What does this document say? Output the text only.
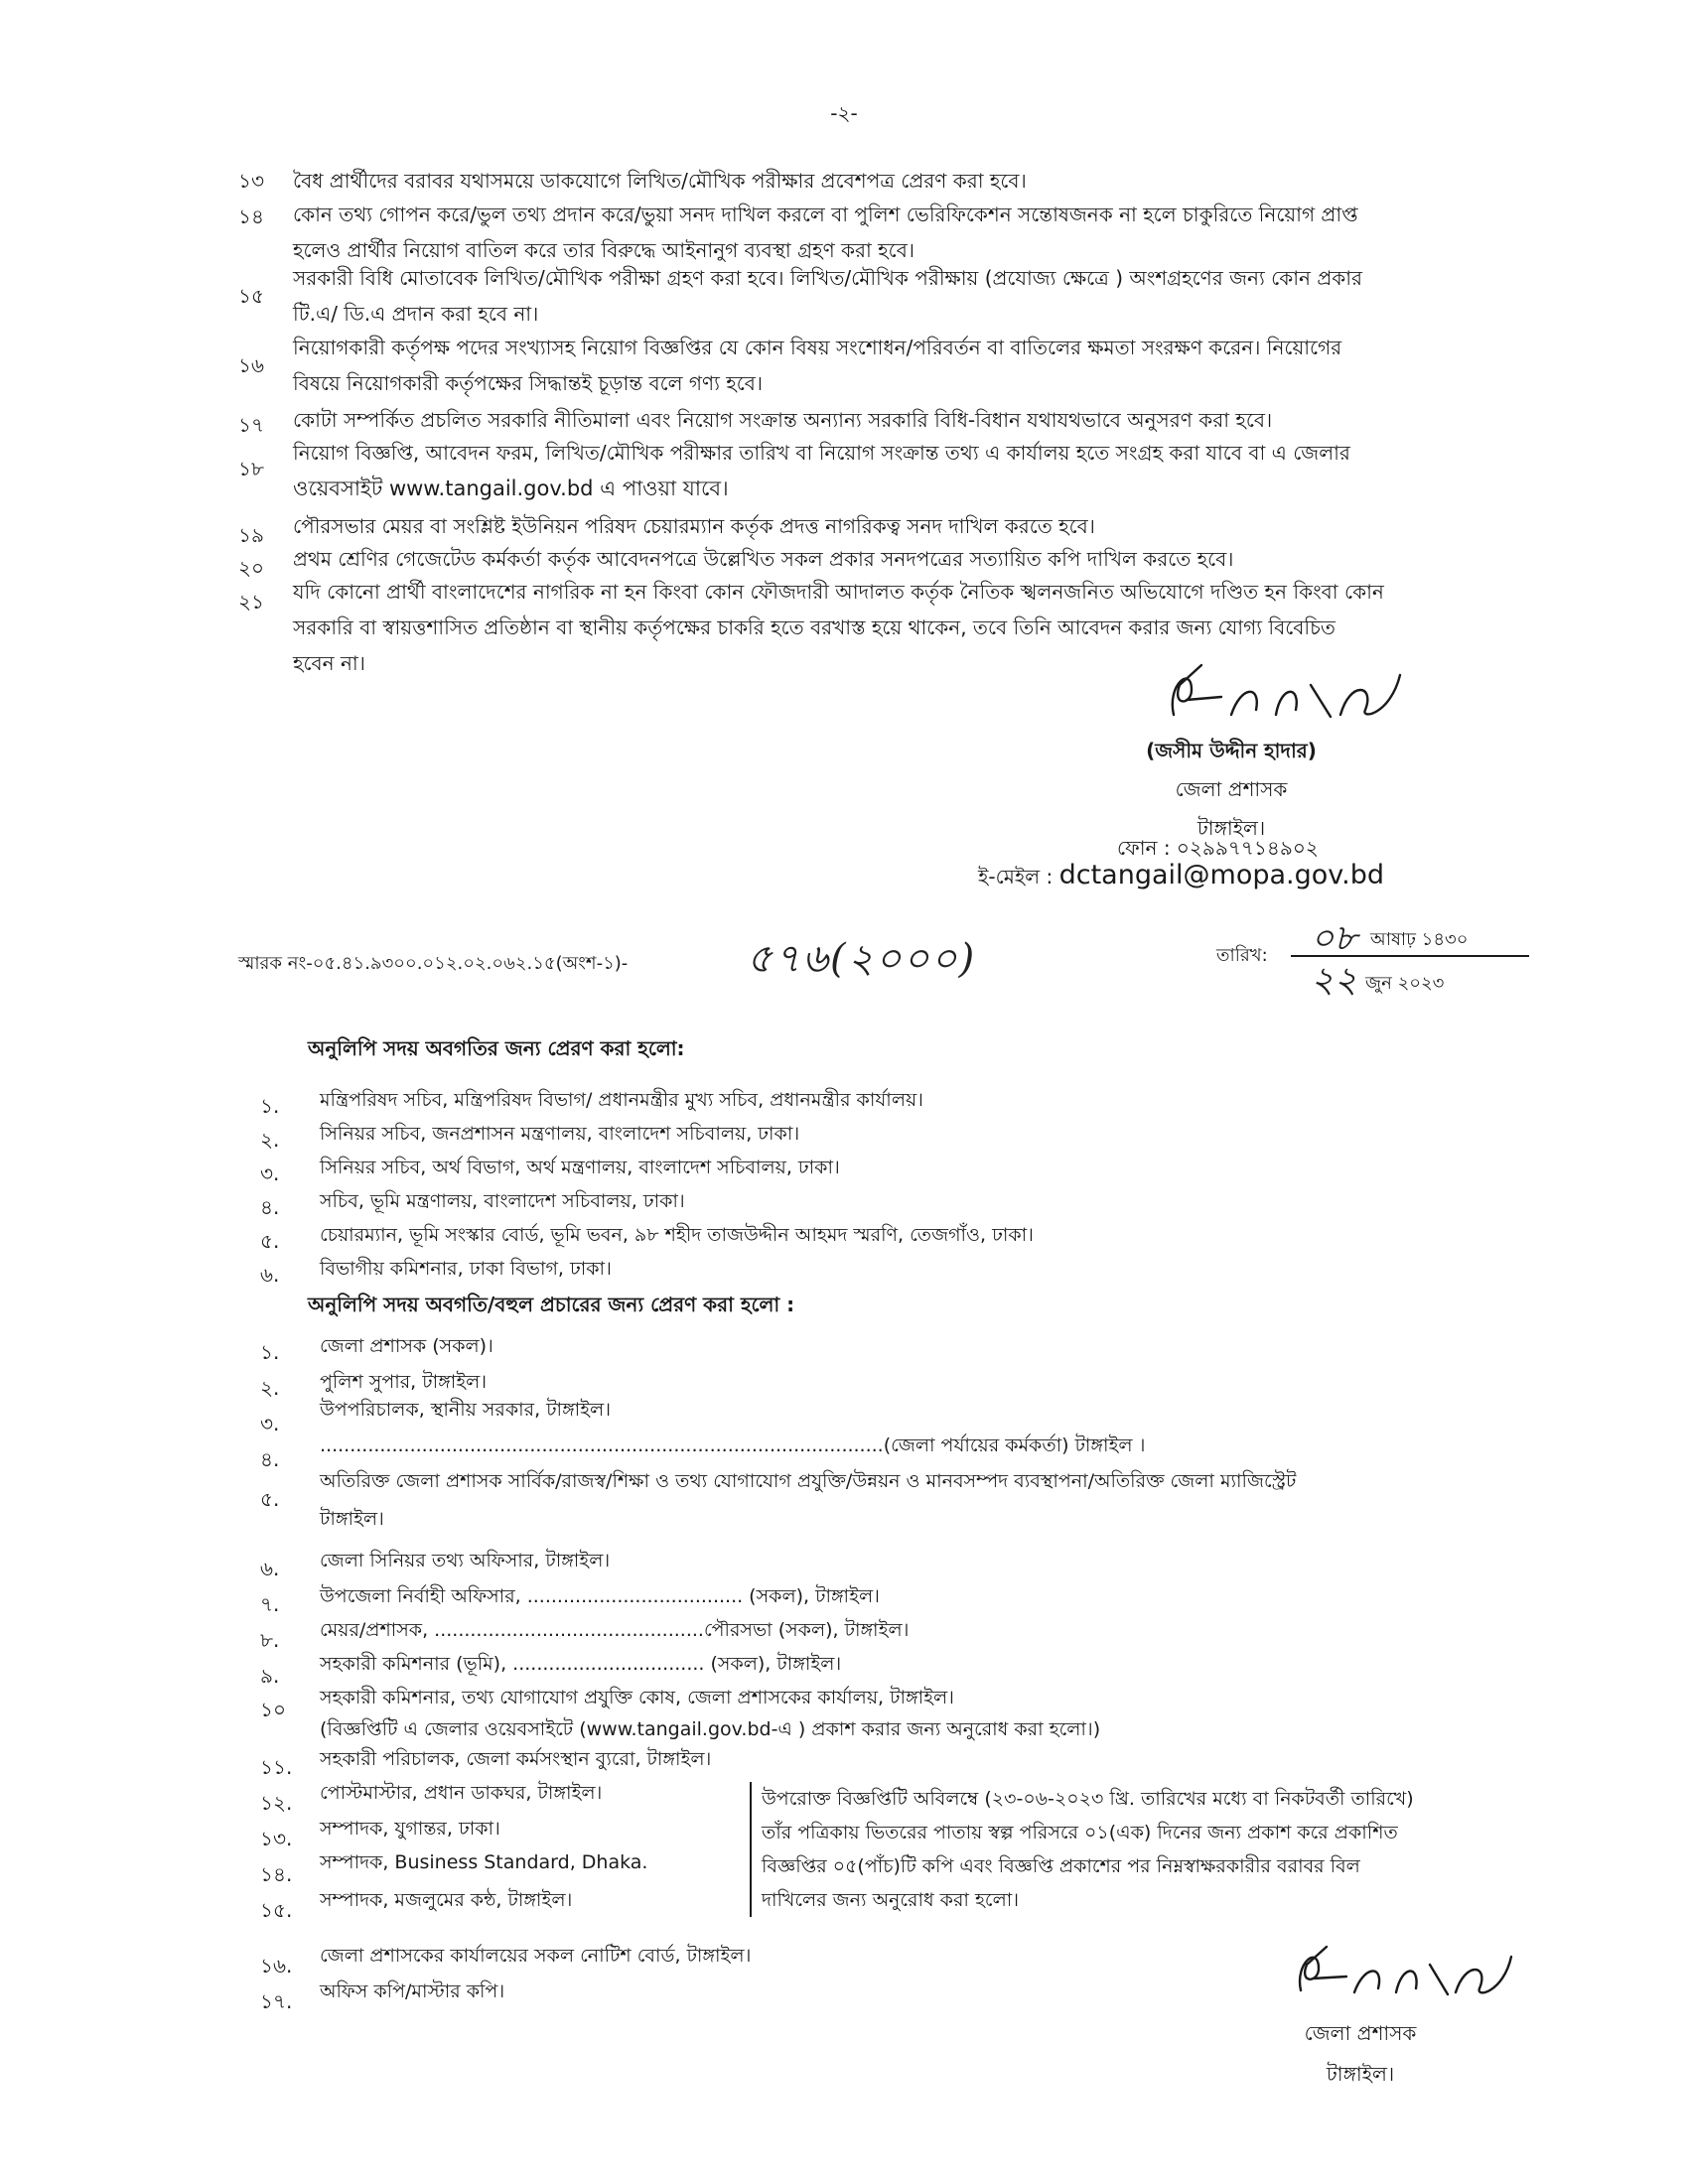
-২-
১৩ বৈধ প্রার্থীদের বরাবর যথাসময়ে ডাকযোগে লিখিত/মৌখিক পরীক্ষার প্রবেশপত্র প্রেরণ করা হবে।
১৪ কোন তথ্য গোপন করে/ভুল তথ্য প্রদান করে/ভুয়া সনদ দাখিল করলে বা পুলিশ ভেরিফিকেশন সন্তোষজনক না হলে চাকুরিতে নিয়োগ প্রাপ্ত
হলেও প্রার্থীর নিয়োগ বাতিল করে তার বিরুদ্ধে আইনানুগ ব্যবস্থা গ্রহণ করা হবে।
১৫
সরকারী বিধি মোতাবেক লিখিত/মৌখিক পরীক্ষা গ্রহণ করা হবে। লিখিত/মৌখিক পরীক্ষায় (প্রযোজ্য ক্ষেত্রে ) অংশগ্রহণের জন্য কোন প্রকার
টি.এ/ ডি.এ প্রদান করা হবে না।
১৬
নিয়োগকারী কর্তৃপক্ষ পদের সংখ্যাসহ নিয়োগ বিজ্ঞপ্তির যে কোন বিষয় সংশোধন/পরিবর্তন বা বাতিলের ক্ষমতা সংরক্ষণ করেন। নিয়োগের
বিষয়ে নিয়োগকারী কর্তৃপক্ষের সিদ্ধান্তই চূড়ান্ত বলে গণ্য হবে।
১৭ কোটা সম্পর্কিত প্রচলিত সরকারি নীতিমালা এবং নিয়োগ সংক্রান্ত অন্যান্য সরকারি বিধি-বিধান যথাযথভাবে অনুসরণ করা হবে।
১৮
নিয়োগ বিজ্ঞপ্তি, আবেদন ফরম, লিখিত/মৌখিক পরীক্ষার তারিখ বা নিয়োগ সংক্রান্ত তথ্য এ কার্যালয় হতে সংগ্রহ করা যাবে বা এ জেলার
ওয়েবসাইট www.tangail.gov.bd এ পাওয়া যাবে।
১৯ পৌরসভার মেয়র বা সংশ্লিষ্ট ইউনিয়ন পরিষদ চেয়ারম্যান কর্তৃক প্রদত্ত নাগরিকত্ব সনদ দাখিল করতে হবে।
২০ প্রথম শ্রেণির গেজেটেড কর্মকর্তা কর্তৃক আবেদনপত্রে উল্লেখিত সকল প্রকার সনদপত্রের সত্যায়িত কপি দাখিল করতে হবে।
২১ যদি কোনো প্রার্থী বাংলাদেশের নাগরিক না হন কিংবা কোন ফৌজদারী আদালত কর্তৃক নৈতিক স্খলনজনিত অভিযোগে দণ্ডিত হন কিংবা কোন
সরকারি বা স্বায়ত্তশাসিত প্রতিষ্ঠান বা স্থানীয় কর্তৃপক্ষের চাকরি হতে বরখাস্ত হয়ে থাকেন, তবে তিনি আবেদন করার জন্য যোগ্য বিবেচিত
হবেন না।
(জসীম উদ্দীন হাদার)
জেলা প্রশাসক
টাঙ্গাইল।
ফোন : ০২৯৯৭৭১৪৯০২
ই-মেইল : dctangail@mopa.gov.bd
স্মারক নং-০৫.৪১.৯৩০০.০১২.০২.০৬২.১৫(অংশ-১)-	৫৭৬(২০০০)	তারিখ: ০৮ আষাঢ় ১৪৩০
২২ জুন ২০২৩
অনুলিপি সদয় অবগতির জন্য প্রেরণ করা হলো:
১. মন্ত্রিপরিষদ সচিব, মন্ত্রিপরিষদ বিভাগ/ প্রধানমন্ত্রীর মুখ্য সচিব, প্রধানমন্ত্রীর কার্যালয়।
২. সিনিয়র সচিব, জনপ্রশাসন মন্ত্রণালয়, বাংলাদেশ সচিবালয়, ঢাকা।
৩. সিনিয়র সচিব, অর্থ বিভাগ, অর্থ মন্ত্রণালয়, বাংলাদেশ সচিবালয়, ঢাকা।
৪. সচিব, ভূমি মন্ত্রণালয়, বাংলাদেশ সচিবালয়, ঢাকা।
৫. চেয়ারম্যান, ভূমি সংস্কার বোর্ড, ভূমি ভবন, ৯৮ শহীদ তাজউদ্দীন আহমদ স্মরণি, তেজগাঁও, ঢাকা।
৬. বিভাগীয় কমিশনার, ঢাকা বিভাগ, ঢাকা।
অনুলিপি সদয় অবগতি/বহুল প্রচারের জন্য প্রেরণ করা হলো :
১. জেলা প্রশাসক (সকল)।
২. পুলিশ সুপার, টাঙ্গাইল।
৩.
উপপরিচালক, স্থানীয় সরকার, টাঙ্গাইল।
৪.
..............................................................................................(জেলা পর্যায়ের কর্মকর্তা) টাঙ্গাইল ।
৫.
অতিরিক্ত জেলা প্রশাসক সার্বিক/রাজস্ব/শিক্ষা ও তথ্য যোগাযোগ প্রযুক্তি/উন্নয়ন ও মানবসম্পদ ব্যবস্থাপনা/অতিরিক্ত জেলা ম্যাজিস্ট্রেট
টাঙ্গাইল।
৬. জেলা সিনিয়র তথ্য অফিসার, টাঙ্গাইল।
৭. উপজেলা নির্বাহী অফিসার, .................................... (সকল), টাঙ্গাইল।
৮. মেয়র/প্রশাসক, .............................................পৌরসভা (সকল), টাঙ্গাইল।
৯. সহকারী কমিশনার (ভূমি), ................................ (সকল), টাঙ্গাইল।
১০ সহকারী কমিশনার, তথ্য যোগাযোগ প্রযুক্তি কোষ, জেলা প্রশাসকের কার্যালয়, টাঙ্গাইল।
(বিজ্ঞপ্তিটি এ জেলার ওয়েবসাইটে (www.tangail.gov.bd-এ ) প্রকাশ করার জন্য অনুরোধ করা হলো।)
১১. সহকারী পরিচালক, জেলা কর্মসংস্থান ব্যুরো, টাঙ্গাইল।
১২. পোস্টমাস্টার, প্রধান ডাকঘর, টাঙ্গাইল।
১৩. সম্পাদক, যুগান্তর, ঢাকা।
১৪. সম্পাদক, Business Standard, Dhaka.
১৫. সম্পাদক, মজলুমের কন্ঠ, টাঙ্গাইল।
১৬. জেলা প্রশাসকের কার্যালয়ের সকল নোটিশ বোর্ড, টাঙ্গাইল।
১৭. অফিস কপি/মাস্টার কপি।
উপরোক্ত বিজ্ঞপ্তিটি অবিলম্বে (২৩-০৬-২০২৩ খ্রি. তারিখের মধ্যে বা নিকটবর্তী তারিখে)
তাঁর পত্রিকায় ভিতরের পাতায় স্বল্প পরিসরে ০১(এক) দিনের জন্য প্রকাশ করে প্রকাশিত
বিজ্ঞপ্তির ০৫(পাঁচ)টি কপি এবং বিজ্ঞপ্তি প্রকাশের পর নিম্নস্বাক্ষরকারীর বরাবর বিল
দাখিলের জন্য অনুরোধ করা হলো।
জেলা প্রশাসক
টাঙ্গাইল।
